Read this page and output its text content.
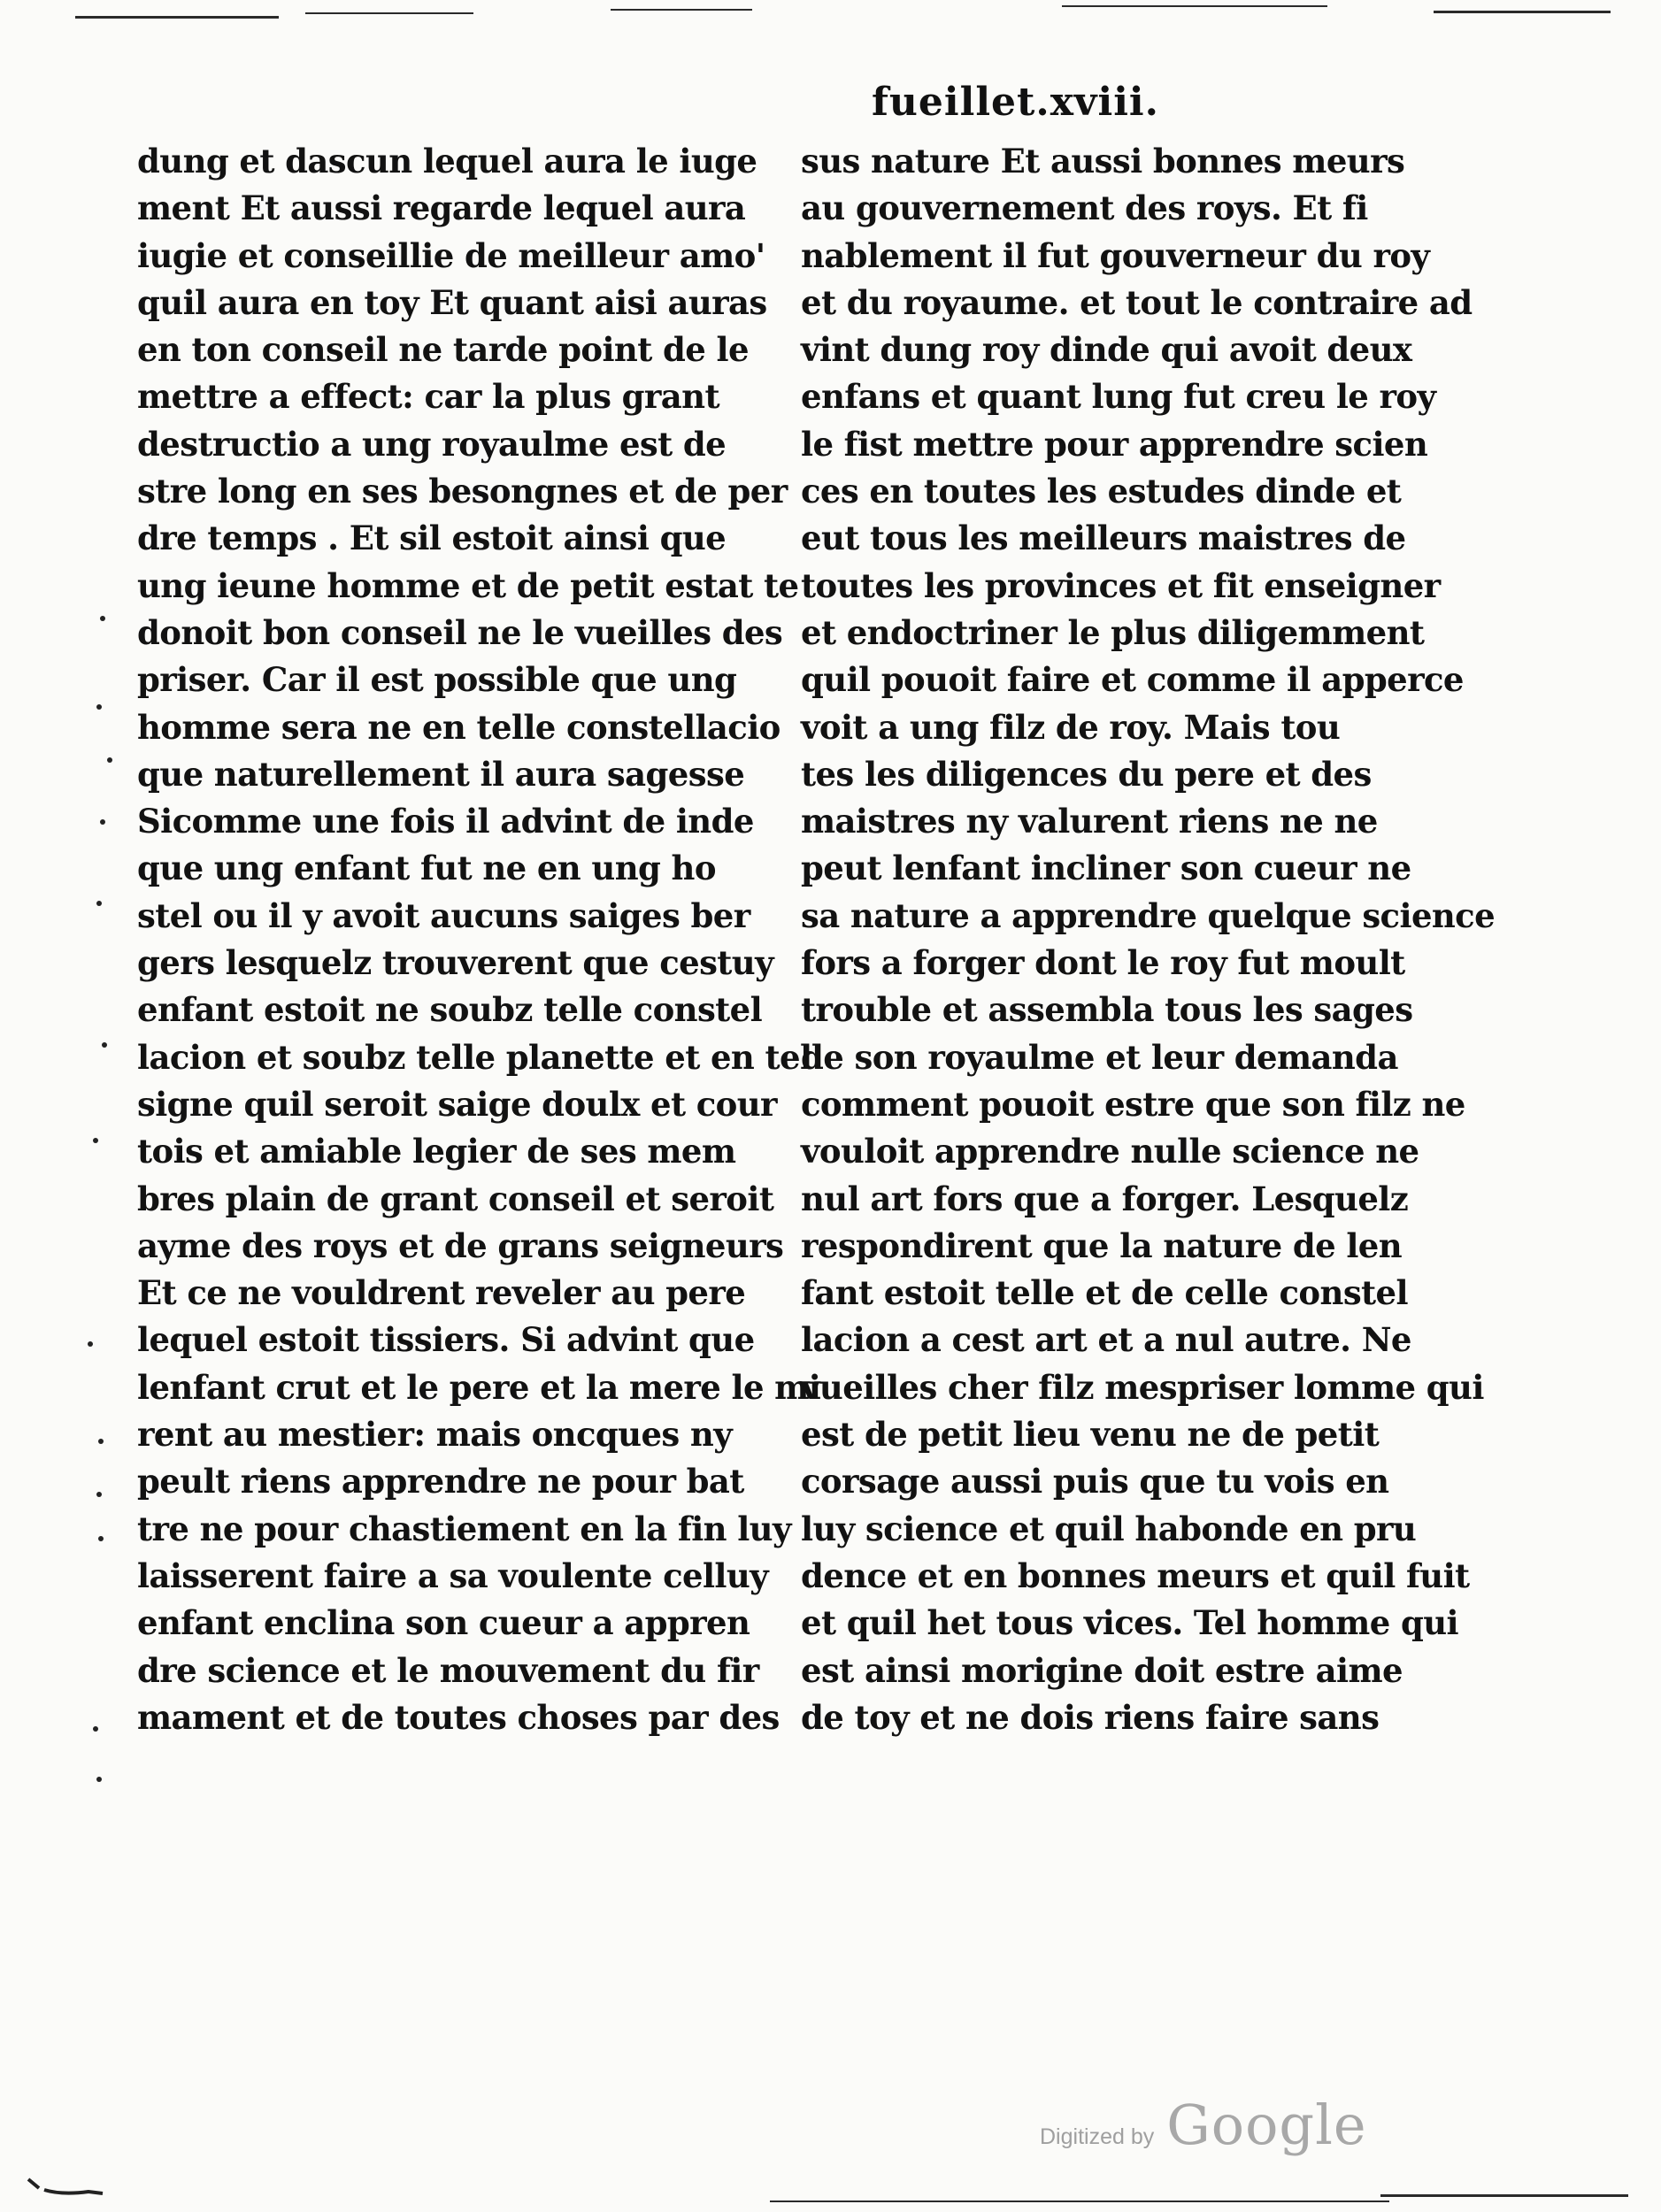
fueillet.xviii.
dung et dascun lequel aura le iuge
ment Et aussi regarde lequel aura
iugie et conseillie de meilleur amo'
quil aura en toy Et quant aisi auras
en ton conseil ne tarde point de le
mettre a effect: car la plus grant
destructio a ung royaulme est de
stre long en ses besongnes et de per
dre temps . Et sil estoit ainsi que
ung ieune homme et de petit estat te
donoit bon conseil ne le vueilles des
priser. Car il est possible que ung
homme sera ne en telle constellacio
que naturellement il aura sagesse
Sicomme une fois il advint de inde
que ung enfant fut ne en ung ho
stel ou il y avoit aucuns saiges ber
gers lesquelz trouverent que cestuy
enfant estoit ne soubz telle constel
lacion et soubz telle planette et en tel
signe quil seroit saige doulx et cour
tois et amiable legier de ses mem
bres plain de grant conseil et seroit
ayme des roys et de grans seigneurs
Et ce ne vouldrent reveler au pere
lequel estoit tissiers. Si advint que
lenfant crut et le pere et la mere le mi
rent au mestier: mais oncques ny
peult riens apprendre ne pour bat
tre ne pour chastiement en la fin luy
laisserent faire a sa voulente celluy
enfant enclina son cueur a appren
dre science et le mouvement du fir
mament et de toutes choses par des
sus nature Et aussi bonnes meurs
au gouvernement des roys. Et fi
nablement il fut gouverneur du roy
et du royaume. et tout le contraire ad
vint dung roy dinde qui avoit deux
enfans et quant lung fut creu le roy
le fist mettre pour apprendre scien
ces en toutes les estudes dinde et
eut tous les meilleurs maistres de
toutes les provinces et fit enseigner
et endoctriner le plus diligemment
quil pouoit faire et comme il apperce
voit a ung filz de roy. Mais tou
tes les diligences du pere et des
maistres ny valurent riens ne ne
peut lenfant incliner son cueur ne
sa nature a apprendre quelque science
fors a forger dont le roy fut moult
trouble et assembla tous les sages
de son royaulme et leur demanda
comment pouoit estre que son filz ne
vouloit apprendre nulle science ne
nul art fors que a forger. Lesquelz
respondirent que la nature de len
fant estoit telle et de celle constel
lacion a cest art et a nul autre. Ne
vueilles cher filz mespriser lomme qui
est de petit lieu venu ne de petit
corsage aussi puis que tu vois en
luy science et quil habonde en pru
dence et en bonnes meurs et quil fuit
et quil het tous vices. Tel homme qui
est ainsi morigine doit estre aime
de toy et ne dois riens faire sans
Digitized by Google
